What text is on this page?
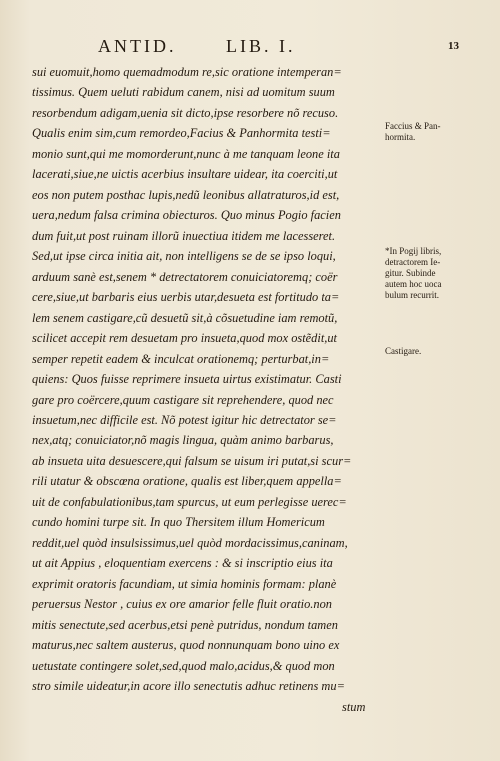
ANTID.	LIB. I.	13
sui euomuit,homo quemadmodum re,sic oratione intemperan=
tissimus. Quem ueluti rabidum canem, nisi ad uomitum suum
resorbendum adigam,uenia sit dicto,ipse resorbere nõ recuso.
Qualis enim sim,cum remordeo,Facius & Panhormita testi=
monio sunt,qui me momorderunt,nunc à me tanquam leone ita
lacerati,siue,ne uictis acerbius insultare uidear, ita coerciti,ut
eos non putem posthac lupis,nedũ leonibus allatraturos,id est,
uera,nedum falsa crimina obiecturos. Quo minus Pogio facien
dum fuit,ut post ruinam illorũ inuectiua itidem me lacesseret.
Sed,ut ipse circa initia ait, non intelligens se de se ipso loqui,
arduum sanè est,senem * detrectatorem conuiciatoremq; coër
cere,siue,ut barbaris eius uerbis utar,desueta est fortitudo ta=
lem senem castigare,cũ desuetũ sit,à cõsuetudine iam remotũ,
scilicet accepit rem desuetam pro insueta,quod mox ostẽdit,ut
semper repetit eadem & inculcat orationemq; perturbat,in=
quiens: Quos fuisse reprimere insueta uirtus existimatur. Casti
gare pro coërcere,quum castigare sit reprehendere, quod nec
insuetum,nec difficile est. Nõ potest igitur hic detrectator se=
nex,atq; conuiciator,nõ magis lingua, quàm animo barbarus,
ab insueta uita desuescere,qui falsum se uisum iri putat,si scur=
rili utatur & obscœna oratione, qualis est liber,quem appella=
uit de confabulationibus,tam spurcus, ut eum perlegisse uerec=
cundo homini turpe sit. In quo Thersitem illum Homericum
reddit,uel quòd insulsissimus,uel quòd mordacissimus,caninam,
ut ait Appius , eloquentiam exercens : & si inscriptio eius ita
exprimit oratoris facundiam, ut simia hominis formam: planè
peruersus Nestor , cuius ex ore amarior felle fluit oratio.non
mitis senectute,sed acerbus,etsi penè putridus, nondum tamen
maturus,nec saltem austerus, quod nonnunquam bono uino ex
uetustate contingere solet,sed,quod malo,acidus,& quod mon
stro simile uideatur,in acore illo senectutis adhuc retinens mu=
stum
Faccius & Pan-
hormita.
*In Pogij libris,
detractorem Ie-
gitur. Subinde
autem hoc uoca
bulum recurrit.
Castigare.
